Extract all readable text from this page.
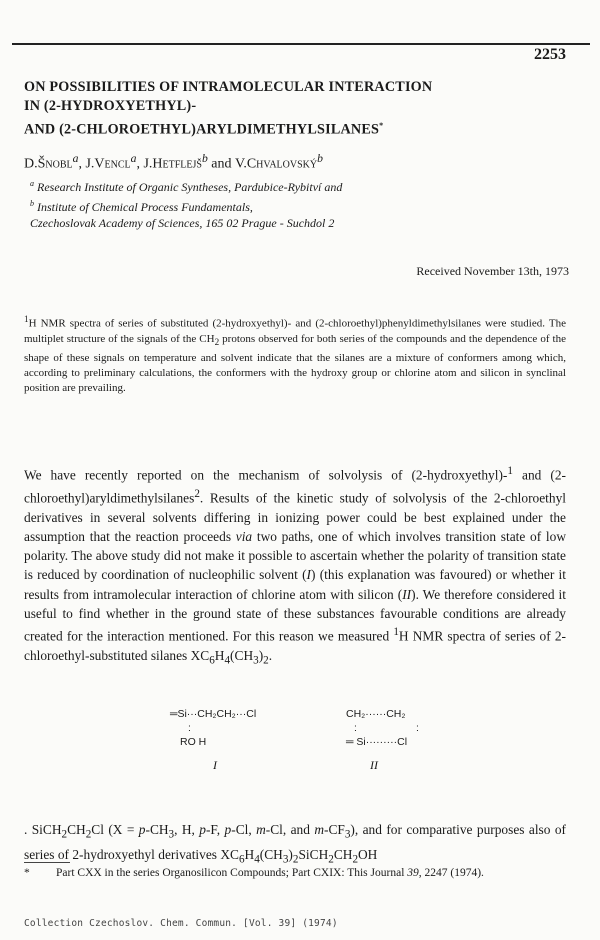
2253
ON POSSIBILITIES OF INTRAMOLECULAR INTERACTION
IN (2-HYDROXYETHYL)-
AND (2-CHLOROETHYL)ARYLDIMETHYLSILANES*
D.Šnobl$^a$, J.Vencl$^a$, J.Hetflejš$^b$ and V.Chvalovský$^b$
$^a$ Research Institute of Organic Syntheses, Pardubice-Rybitví and
$^b$ Institute of Chemical Process Fundamentals,
Czechoslovak Academy of Sciences, 165 02 Prague - Suchdol 2
Received November 13th, 1973
$^1$H NMR spectra of series of substituted (2-hydroxyethyl)- and (2-chloroethyl)phenyldimethylsilanes were studied. The multiplet structure of the signals of the $CH_2$ protons observed for both series of the compounds and the dependence of the shape of these signals on temperature and solvent indicate that the silanes are a mixture of conformers among which, according to preliminary calculations, the conformers with the hydroxy group or chlorine atom and silicon in synclinal position are prevailing.
We have recently reported on the mechanism of solvolysis of (2-hydroxyethyl)-$^1$ and (2-chloroethyl)aryldimethylsilanes$^2$. Results of the kinetic study of solvolysis of the 2-chloroethyl derivatives in several solvents differing in ionizing power could be best explained under the assumption that the reaction proceeds via two paths, one of which involves transition state of low polarity. The above study did not make it possible to ascertain whether the polarity of transition state is reduced by coordination of nucleophilic solvent (I) (this explanation was favoured) or whether it results from intramolecular interaction of chlorine atom with silicon (II). We therefore considered it useful to find whether in the ground state of these substances favourable conditions are already created for the interaction mentioned. For this reason we measured $^1$H NMR spectra of series of 2-chloroethyl-substituted silanes $XC_6H_4(CH_3)_2$.
═Si···CH₂CH₂···Cl
:
RO H
I
CH₂······CH₂
:	:
═ Si·········Cl
II
. $SiCH_2CH_2Cl$ ($X = p-CH_3$, H, p-F, p-Cl, m-Cl, and $m-CF_3$), and for comparative purposes also of series of 2-hydroxyethyl derivatives $XC_6H_4(CH_3)_2SiCH_2CH_2OH$
* Part CXX in the series Organosilicon Compounds; Part CXIX: This Journal 39, 2247 (1974).
Collection Czechoslov. Chem. Commun. [Vol. 39] (1974)
